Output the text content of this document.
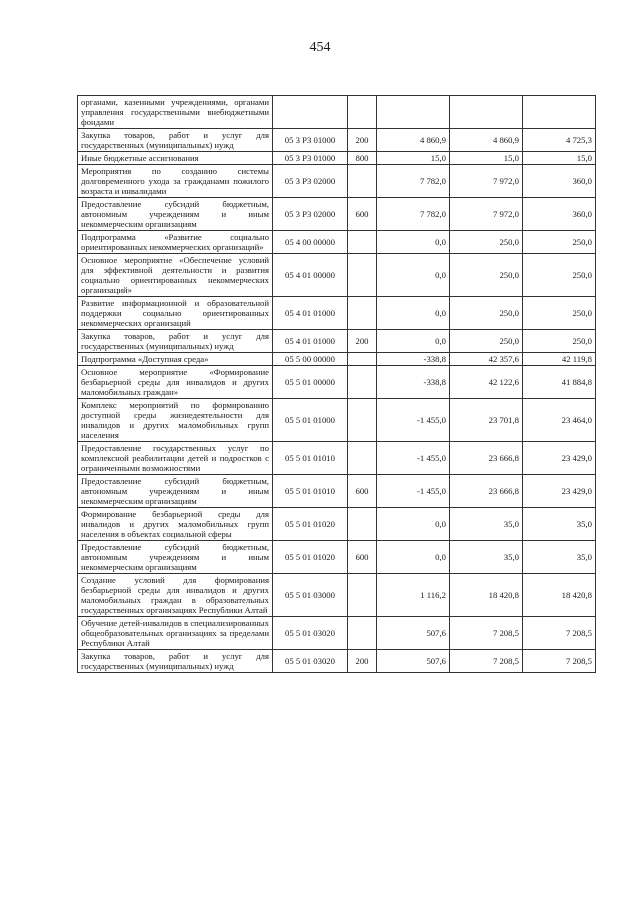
454
органами, казенными учреждениями, органами управления государственными внебюджетными фондами					
Закупка товаров, работ и услуг для государственных (муниципальных) нужд	05 3 P3 01000	200	4 860,9	4 860,9	4 725,3
Иные бюджетные ассигнования	05 3 P3 01000	800	15,0	15,0	15,0
Мероприятия по созданию системы долговременного ухода за гражданами пожилого возраста и инвалидами	05 3 P3 02000		7 782,0	7 972,0	360,0
Предоставление субсидий бюджетным, автономным учреждениям и иным некоммерческим организациям	05 3 P3 02000	600	7 782,0	7 972,0	360,0
Подпрограмма «Развитие социально ориентированных некоммерческих организаций»	05 4 00 00000		0,0	250,0	250,0
Основное мероприятие «Обеспечение условий для эффективной деятельности и развития социально ориентированных некоммерческих организаций»	05 4 01 00000		0,0	250,0	250,0
Развитие информационной и образовательной поддержки социально ориентированных некоммерческих организаций	05 4 01 01000		0,0	250,0	250,0
Закупка товаров, работ и услуг для государственных (муниципальных) нужд	05 4 01 01000	200	0,0	250,0	250,0
Подпрограмма «Доступная среда»	05 5 00 00000		-338,8	42 357,6	42 119,8
Основное мероприятие «Формирование безбарьерной среды для инвалидов и других маломобильных граждан»	05 5 01 00000		-338,8	42 122,6	41 884,8
Комплекс мероприятий по формированию доступной среды жизнедеятельности для инвалидов и других маломобильных групп населения	05 5 01 01000		-1 455,0	23 701,8	23 464,0
Предоставление государственных услуг по комплексной реабилитации детей и подростков с ограниченными возможностями	05 5 01 01010		-1 455,0	23 666,8	23 429,0
Предоставление субсидий бюджетным, автономным учреждениям и иным некоммерческим организациям	05 5 01 01010	600	-1 455,0	23 666,8	23 429,0
Формирование безбарьерной среды для инвалидов и других маломобильных групп населения в объектах социальной сферы	05 5 01 01020		0,0	35,0	35,0
Предоставление субсидий бюджетным, автономным учреждениям и иным некоммерческим организациям	05 5 01 01020	600	0,0	35,0	35,0
Создание условий для формирования безбарьерной среды для инвалидов и других маломобильных граждан в образовательных государственных организациях Республики Алтай	05 5 01 03000		1 116,2	18 420,8	18 420,8
Обучение детей-инвалидов в специализированных общеобразовательных организациях за пределами Республики Алтай	05 5 01 03020		507,6	7 208,5	7 208,5
Закупка товаров, работ и услуг для государственных (муниципальных) нужд	05 5 01 03020	200	507,6	7 208,5	7 208,5
